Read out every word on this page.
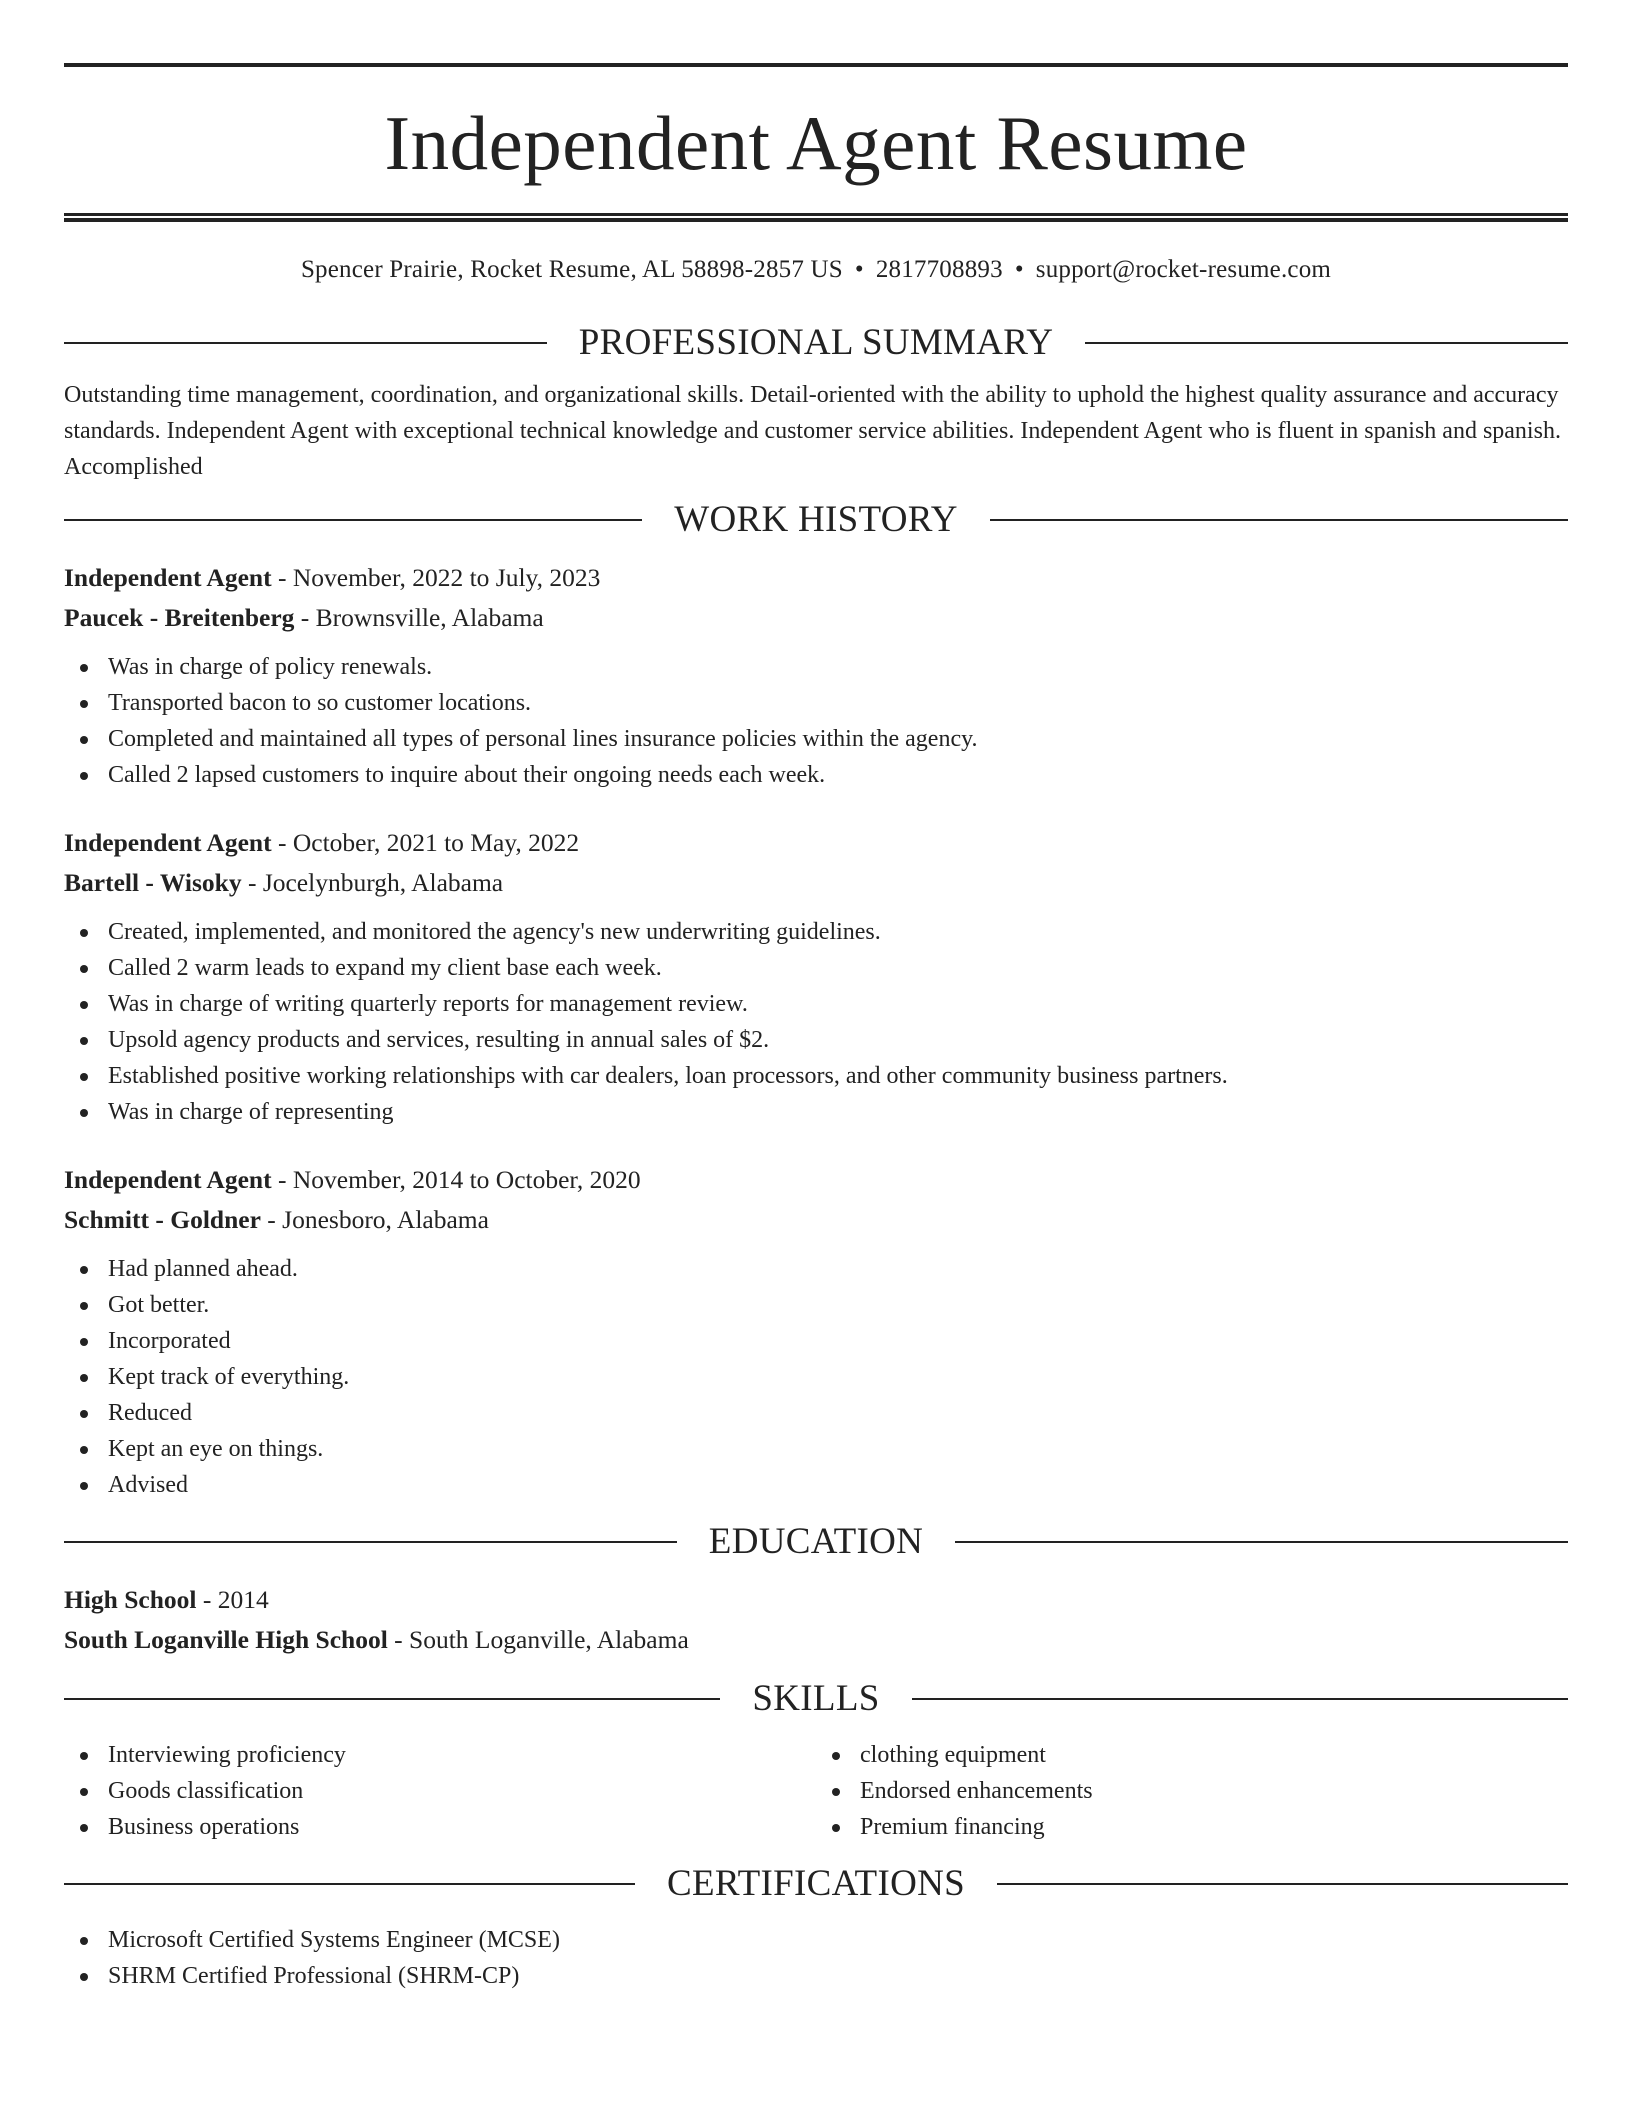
Independent Agent Resume
Spencer Prairie, Rocket Resume, AL 58898-2857 US • 2817708893 • support@rocket-resume.com
PROFESSIONAL SUMMARY

Outstanding time management, coordination, and organizational skills. Detail-oriented with the ability to uphold the highest quality assurance and accuracy standards. Independent Agent with exceptional technical knowledge and customer service abilities. Independent Agent who is fluent in spanish and spanish. Accomplished

WORK HISTORY
Independent Agent - November, 2022 to July, 2023
Paucek - Breitenberg - Brownsville, Alabama
Was in charge of policy renewals.
Transported bacon to so customer locations.
Completed and maintained all types of personal lines insurance policies within the agency.
Called 2 lapsed customers to inquire about their ongoing needs each week.
Independent Agent - October, 2021 to May, 2022
Bartell - Wisoky - Jocelynburgh, Alabama
Created, implemented, and monitored the agency's new underwriting guidelines.
Called 2 warm leads to expand my client base each week.
Was in charge of writing quarterly reports for management review.
Upsold agency products and services, resulting in annual sales of $2.
Established positive working relationships with car dealers, loan processors, and other community business partners.
Was in charge of representing
Independent Agent - November, 2014 to October, 2020
Schmitt - Goldner - Jonesboro, Alabama
Had planned ahead.
Got better.
Incorporated
Kept track of everything.
Reduced
Kept an eye on things.
Advised
EDUCATION
High School - 2014
South Loganville High School - South Loganville, Alabama
SKILLS
Interviewing proficiency
Goods classification
Business operations
clothing equipment
Endorsed enhancements
Premium financing
CERTIFICATIONS
Microsoft Certified Systems Engineer (MCSE)
SHRM Certified Professional (SHRM-CP)
